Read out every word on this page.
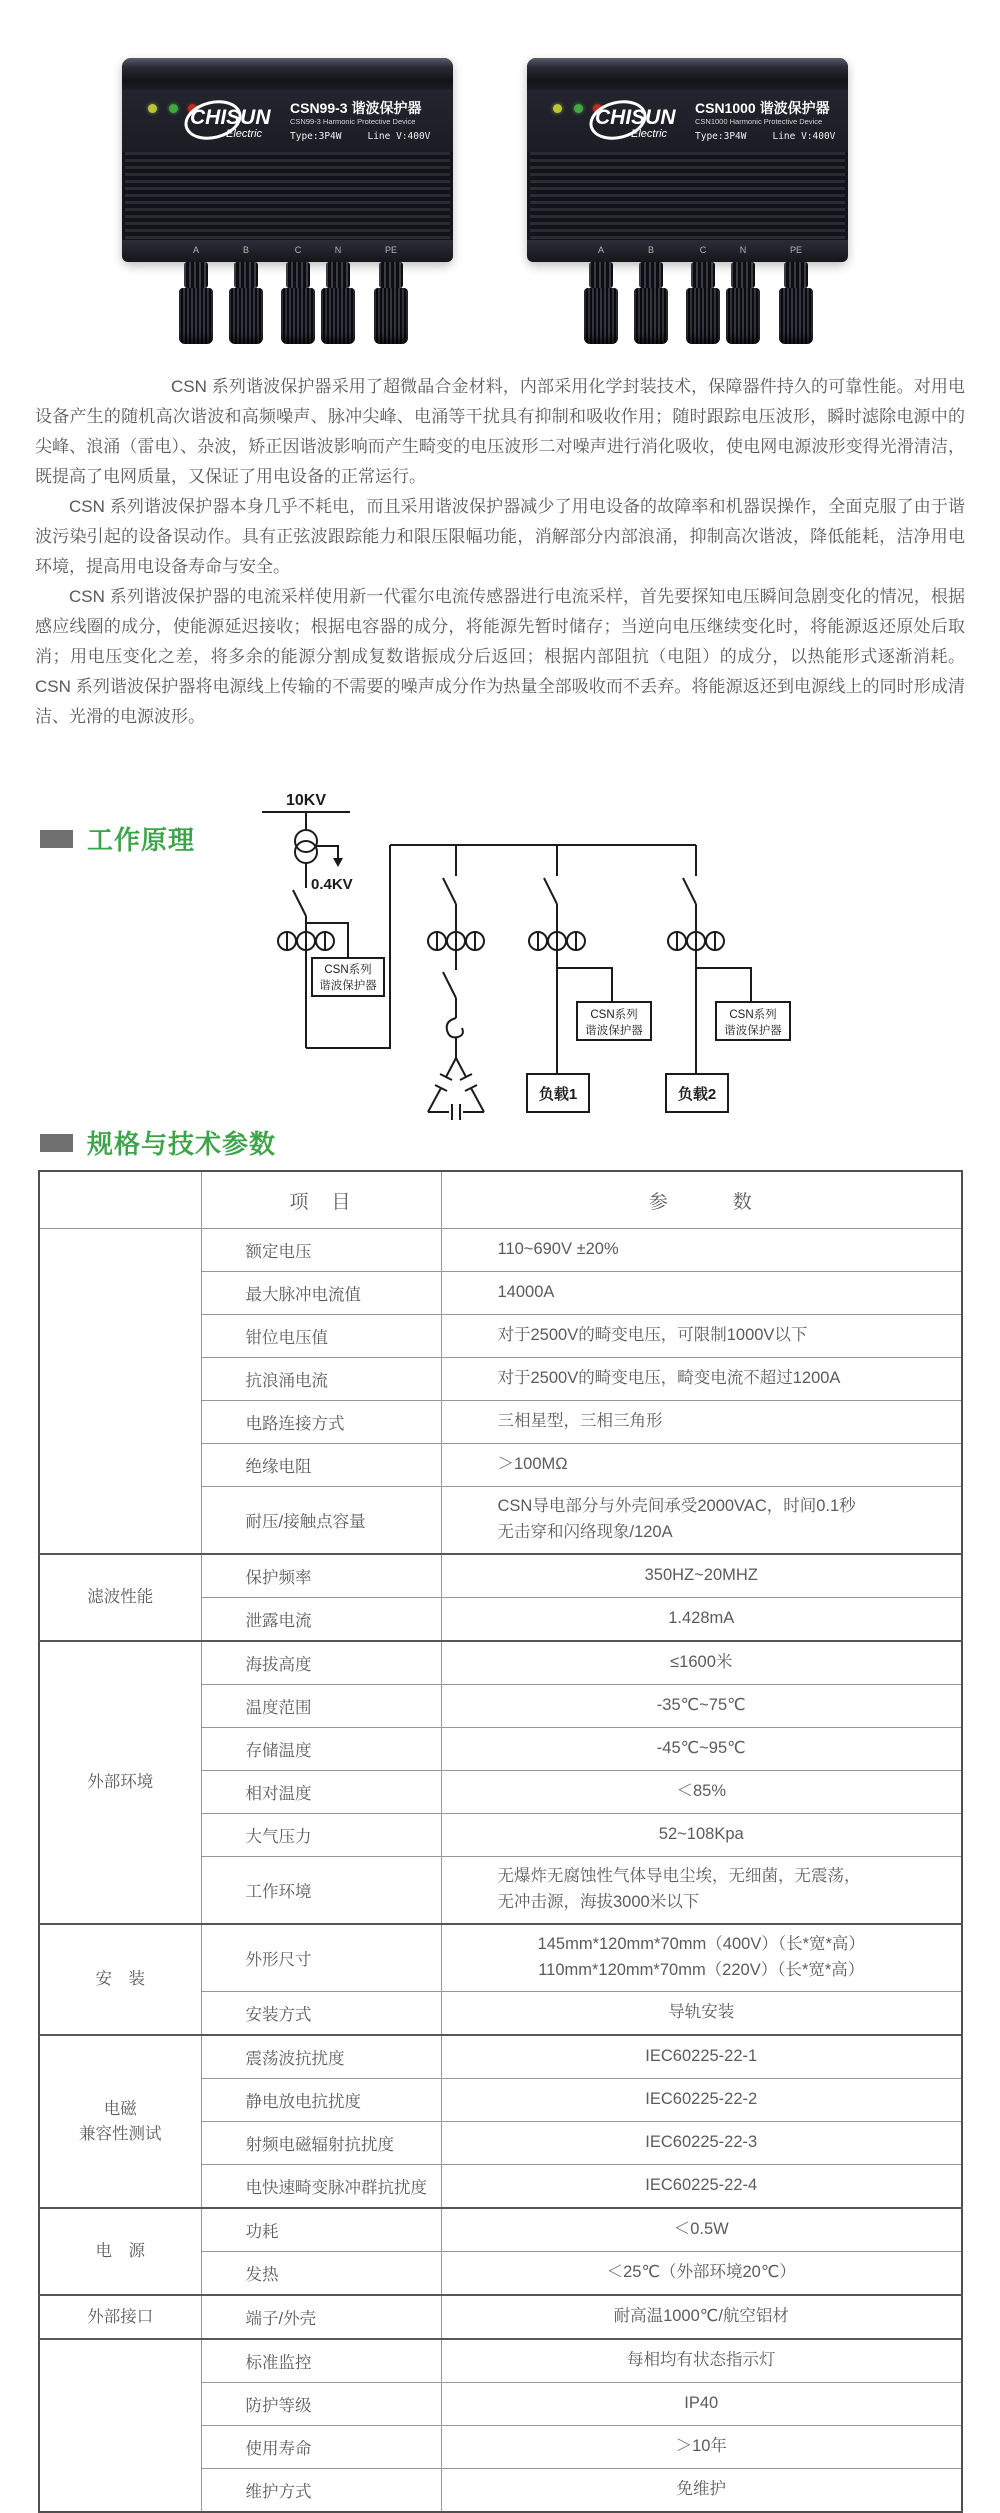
CHISUN
Electric
CSN99-3 谐波保护器
CSN99-3 Harmonic Protective Device
Type:3P4W	Line V:400V
A	B	C	N	PE
CHISUN
Electric
CSN1000 谐波保护器
CSN1000 Harmonic Protective Device
Type:3P4W	Line V:400V
A	B	C	N	PE

CSN 系列谐波保护器采用了超微晶合金材料，内部采用化学封装技术，保障器件持久的可靠性能。对用电设备产生的随机高次谐波和高频噪声、脉冲尖峰、电涌等干扰具有抑制和吸收作用；随时跟踪电压波形，瞬时滤除电源中的尖峰、浪涌（雷电）、杂波，矫正因谐波影响而产生畸变的电压波形二对噪声进行消化吸收，使电网电源波形变得光滑清洁，既提高了电网质量，又保证了用电设备的正常运行。

CSN 系列谐波保护器本身几乎不耗电，而且采用谐波保护器减少了用电设备的故障率和机器误操作，全面克服了由于谐波污染引起的设备误动作。具有正弦波跟踪能力和限压限幅功能，消解部分内部浪涌，抑制高次谐波，降低能耗，洁净用电环境，提高用电设备寿命与安全。

CSN 系列谐波保护器的电流采样使用新一代霍尔电流传感器进行电流采样，首先要探知电压瞬间急剧变化的情况，根据感应线圈的成分，使能源延迟接收；根据电容器的成分，将能源先暂时储存；当逆向电压继续变化时，将能源返还原处后取消；用电压变化之差，将多余的能源分割成复数谐振成分后返回；根据内部阻抗（电阻）的成分，以热能形式逐渐消耗。CSN 系列谐波保护器将电源线上传输的不需要的噪声成分作为热量全部吸收而不丢弃。将能源返还到电源线上的同时形成清洁、光滑的电源波形。

工作原理
10KV
0.4KV
CSN系列
谐波保护器
CSN系列
谐波保护器
CSN系列
谐波保护器
负载1	负载2
规格与技术参数
	项　目	参　　　数
	额定电压	110~690V ±20%
	最大脉冲电流值	14000A
	钳位电压值	对于2500V的畸变电压，可限制1000V以下
	抗浪涌电流	对于2500V的畸变电压，畸变电流不超过1200A
	电路连接方式	三相星型，三相三角形
	绝缘电阻	＞100MΩ
	耐压/接触点容量	CSN导电部分与外壳间承受2000VAC，时间0.1秒
无击穿和闪络现象/120A
滤波性能	保护频率	350HZ~20MHZ
	泄露电流	1.428mA
外部环境	海拔高度	≤1600米
	温度范围	-35℃~75℃
	存储温度	-45℃~95℃
	相对温度	＜85%
	大气压力	52~108Kpa
	工作环境	无爆炸无腐蚀性气体导电尘埃，无细菌，无震荡，
无冲击源，海拔3000米以下
安　装	外形尺寸	145mm*120mm*70mm（400V）（长*宽*高）
110mm*120mm*70mm（220V）（长*宽*高）
	安装方式	导轨安装
电磁
兼容性测试	震荡波抗扰度	IEC60225-22-1
	静电放电抗扰度	IEC60225-22-2
	射频电磁辐射抗扰度	IEC60225-22-3
	电快速畸变脉冲群抗扰度	IEC60225-22-4
电　源	功耗	＜0.5W
	发热	＜25℃（外部环境20℃）
外部接口	端子/外壳	耐高温1000℃/航空铝材
	标准监控	每相均有状态指示灯
	防护等级	IP40
	使用寿命	＞10年
	维护方式	免维护
